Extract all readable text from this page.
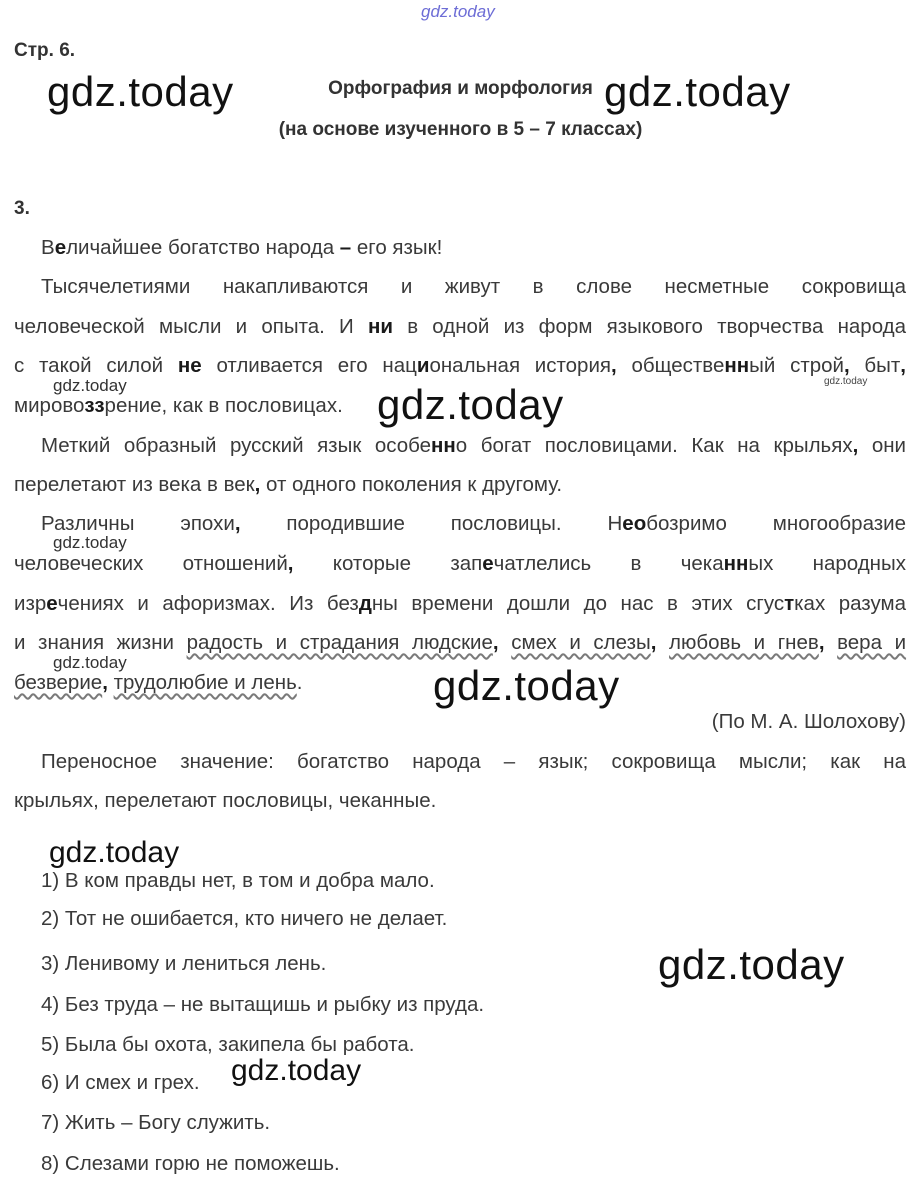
gdz.today
Стр. 6.
Орфография и морфология
(на основе изученного в 5 – 7 классах)
3.
Величайшее богатство народа – его язык!
Тысячелетиями накапливаются и живут в слове несметные сокровища
человеческой мысли и опыта. И ни в одной из форм языкового творчества народа
с такой силой не отливается его национальная история, общественный строй, быт,
мировоззрение, как в пословицах.
Меткий образный русский язык особенно богат пословицами. Как на крыльях, они
перелетают из века в век, от одного поколения к другому.
Различны эпохи, породившие пословицы. Необозримо многообразие
человеческих отношений, которые запечатлелись в чеканных народных
изречениях и афоризмах. Из бездны времени дошли до нас в этих сгустках разума
и знания жизни радость и страдания людские, смех и слезы, любовь и гнев, вера и
безверие, трудолюбие и лень.
(По М. А. Шолохову)
Переносное значение: богатство народа – язык; сокровища мысли; как на
крыльях, перелетают пословицы, чеканные.
1) В ком правды нет, в том и добра мало.
2) Тот не ошибается, кто ничего не делает.
3) Ленивому и лениться лень.
4) Без труда – не вытащишь и рыбку из пруда.
5) Была бы охота, закипела бы работа.
6) И смех и грех.
7) Жить – Богу служить.
8) Слезами горю не поможешь.
gdz.today	gdz.today
gdz.today
gdz.today
gdz.today
gdz.today
gdz.today
gdz.today
gdz.today
gdz.today
gdz.today
